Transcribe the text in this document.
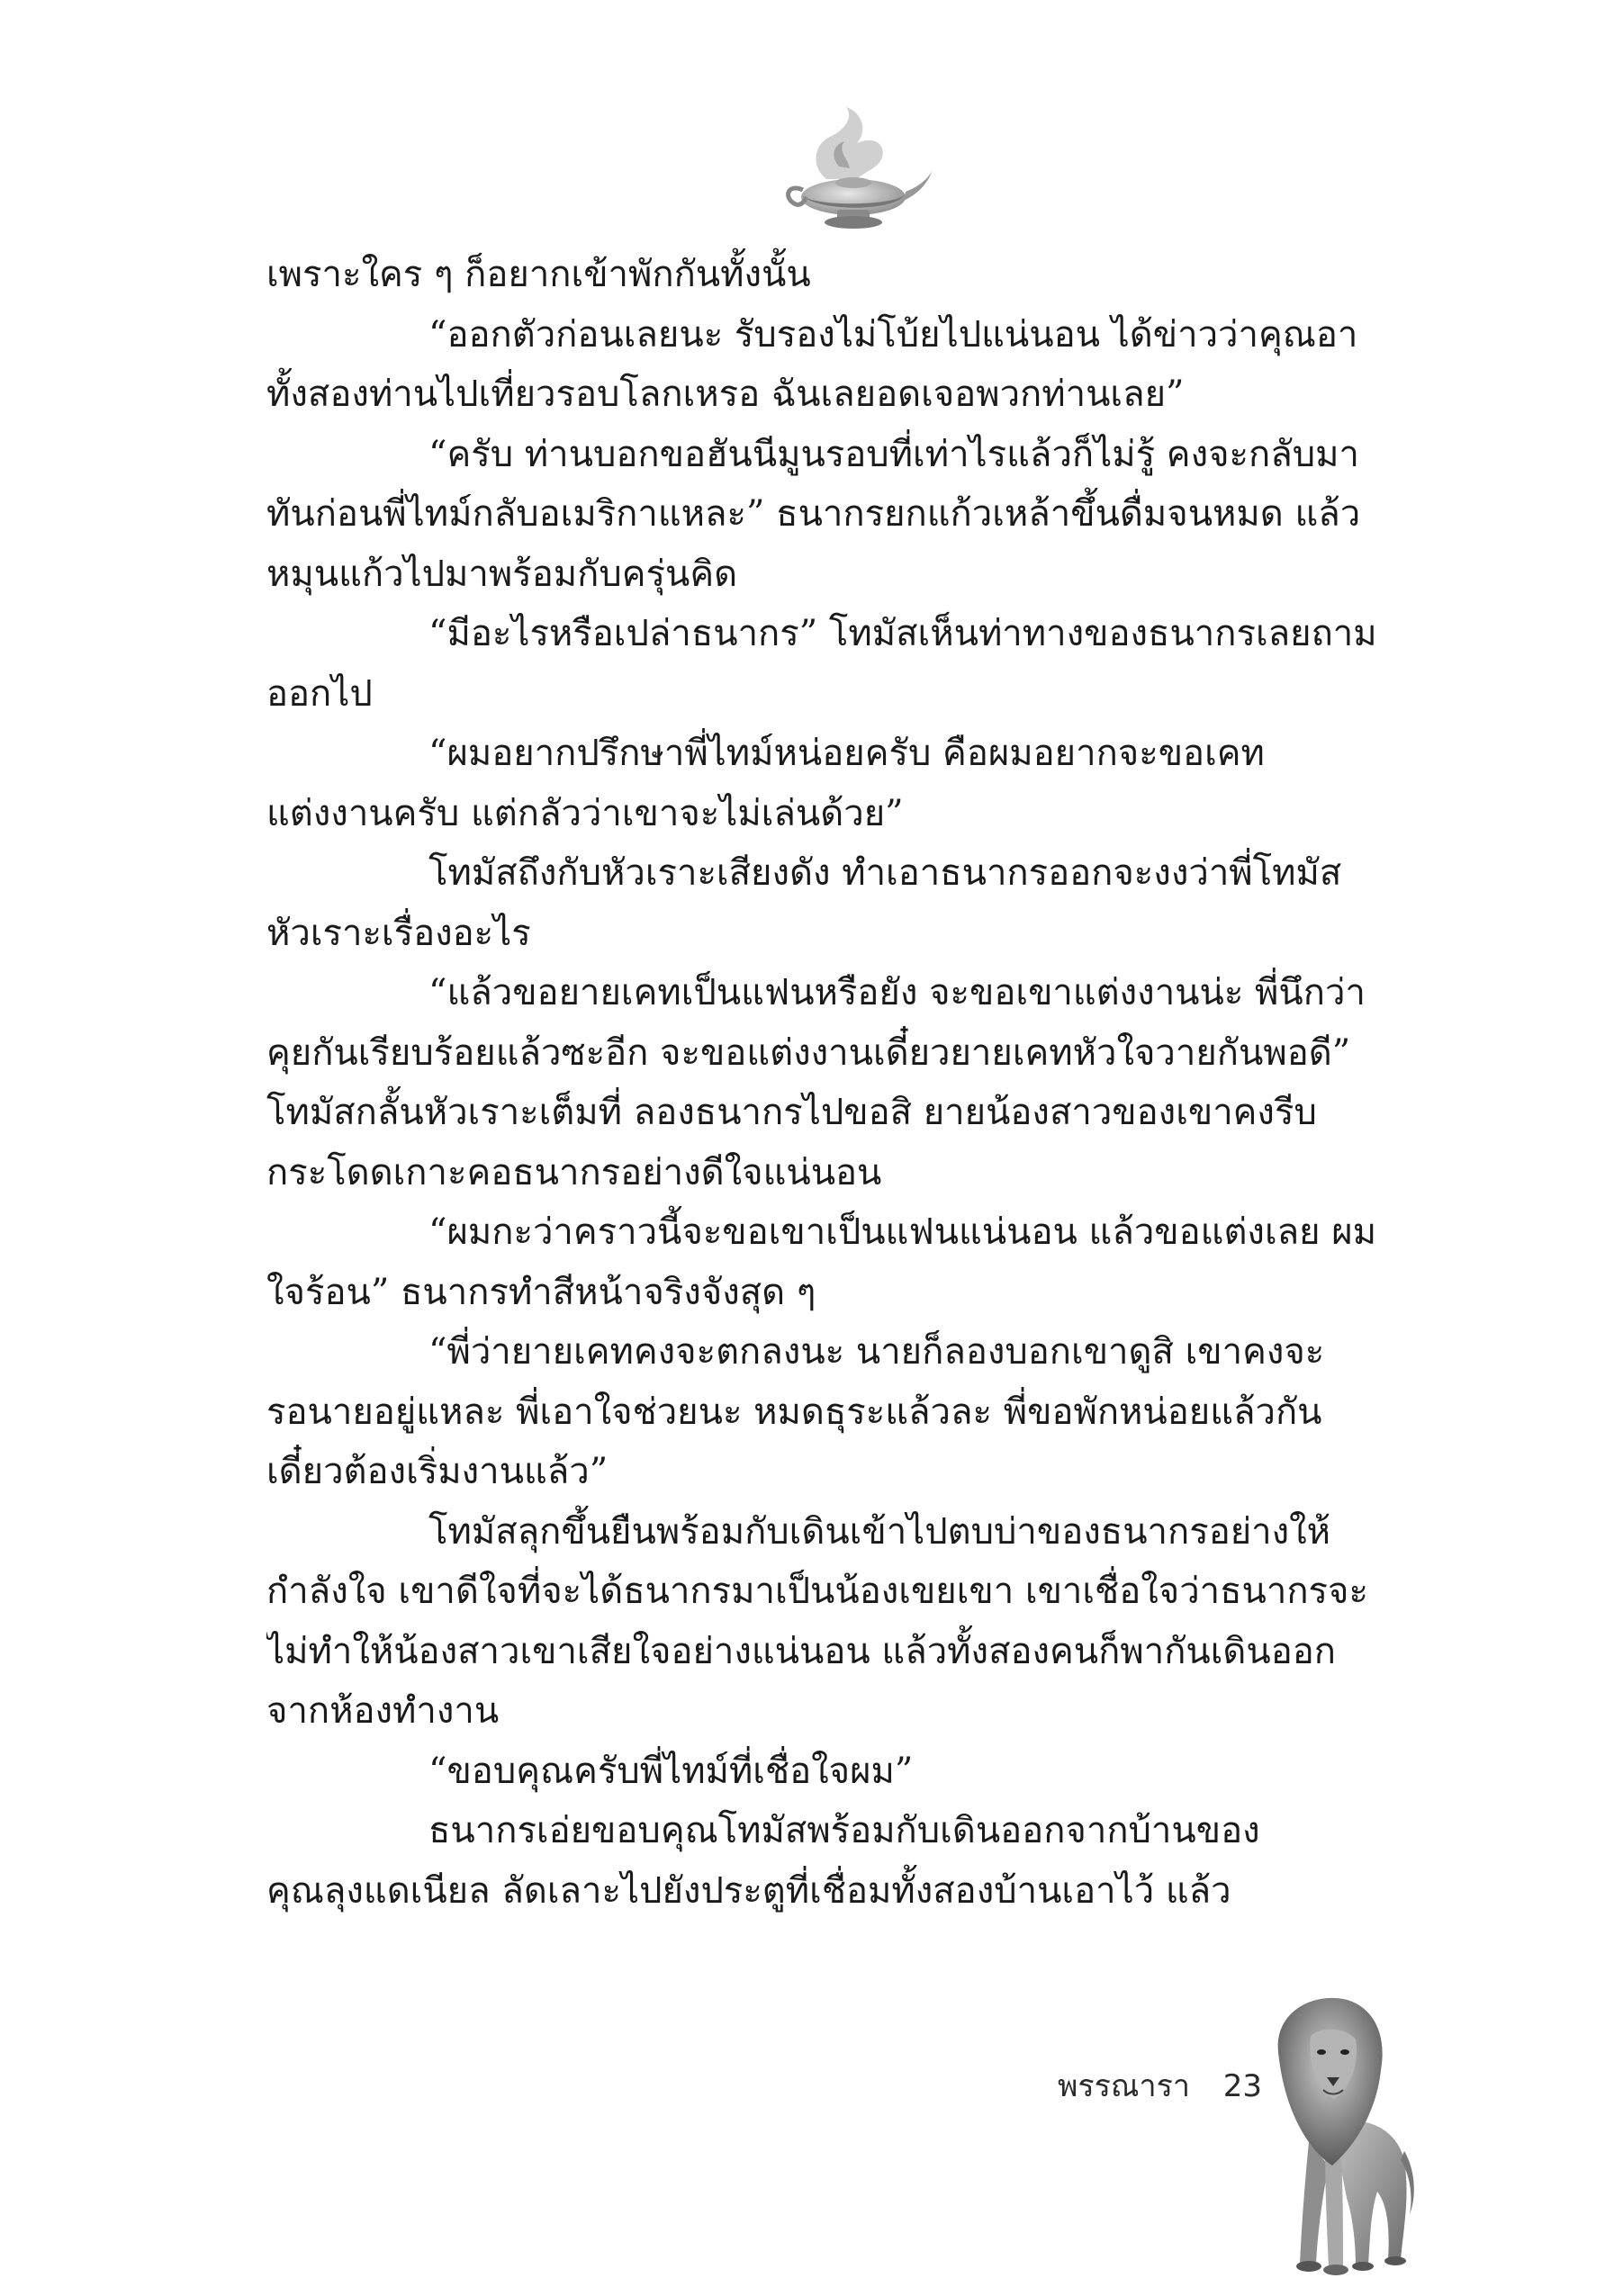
เพราะใคร ๆ ก็อยากเข้าพักกันทั้งนั้น
“ออกตัวก่อนเลยนะ รับรองไม่โบ้ยไปแน่นอน ได้ข่าวว่าคุณอา
ทั้งสองท่านไปเที่ยวรอบโลกเหรอ ฉันเลยอดเจอพวกท่านเลย”
“ครับ ท่านบอกขอฮันนีมูนรอบที่เท่าไรแล้วก็ไม่รู้ คงจะกลับมา
ทันก่อนพี่ไทม์กลับอเมริกาแหละ” ธนากรยกแก้วเหล้าขึ้นดื่มจนหมด แล้ว
หมุนแก้วไปมาพร้อมกับครุ่นคิด
“มีอะไรหรือเปล่าธนากร” โทมัสเห็นท่าทางของธนากรเลยถาม
ออกไป
“ผมอยากปรึกษาพี่ไทม์หน่อยครับ คือผมอยากจะขอเคท
แต่งงานครับ แต่กลัวว่าเขาจะไม่เล่นด้วย”
โทมัสถึงกับหัวเราะเสียงดัง ทำเอาธนากรออกจะงงว่าพี่โทมัส
หัวเราะเรื่องอะไร
“แล้วขอยายเคทเป็นแฟนหรือยัง จะขอเขาแต่งงานน่ะ พี่นึกว่า
คุยกันเรียบร้อยแล้วซะอีก จะขอแต่งงานเดี๋ยวยายเคทหัวใจวายกันพอดี”
โทมัสกลั้นหัวเราะเต็มที่ ลองธนากรไปขอสิ ยายน้องสาวของเขาคงรีบ
กระโดดเกาะคอธนากรอย่างดีใจแน่นอน
“ผมกะว่าคราวนี้จะขอเขาเป็นแฟนแน่นอน แล้วขอแต่งเลย ผม
ใจร้อน” ธนากรทำสีหน้าจริงจังสุด ๆ
“พี่ว่ายายเคทคงจะตกลงนะ นายก็ลองบอกเขาดูสิ เขาคงจะ
รอนายอยู่แหละ พี่เอาใจช่วยนะ หมดธุระแล้วละ พี่ขอพักหน่อยแล้วกัน
เดี๋ยวต้องเริ่มงานแล้ว”
โทมัสลุกขึ้นยืนพร้อมกับเดินเข้าไปตบบ่าของธนากรอย่างให้
กำลังใจ เขาดีใจที่จะได้ธนากรมาเป็นน้องเขยเขา เขาเชื่อใจว่าธนากรจะ
ไม่ทำให้น้องสาวเขาเสียใจอย่างแน่นอน แล้วทั้งสองคนก็พากันเดินออก
จากห้องทำงาน
“ขอบคุณครับพี่ไทม์ที่เชื่อใจผม”
ธนากรเอ่ยขอบคุณโทมัสพร้อมกับเดินออกจากบ้านของ
คุณลุงแดเนียล ลัดเลาะไปยังประตูที่เชื่อมทั้งสองบ้านเอาไว้ แล้ว
พรรณารา 23
